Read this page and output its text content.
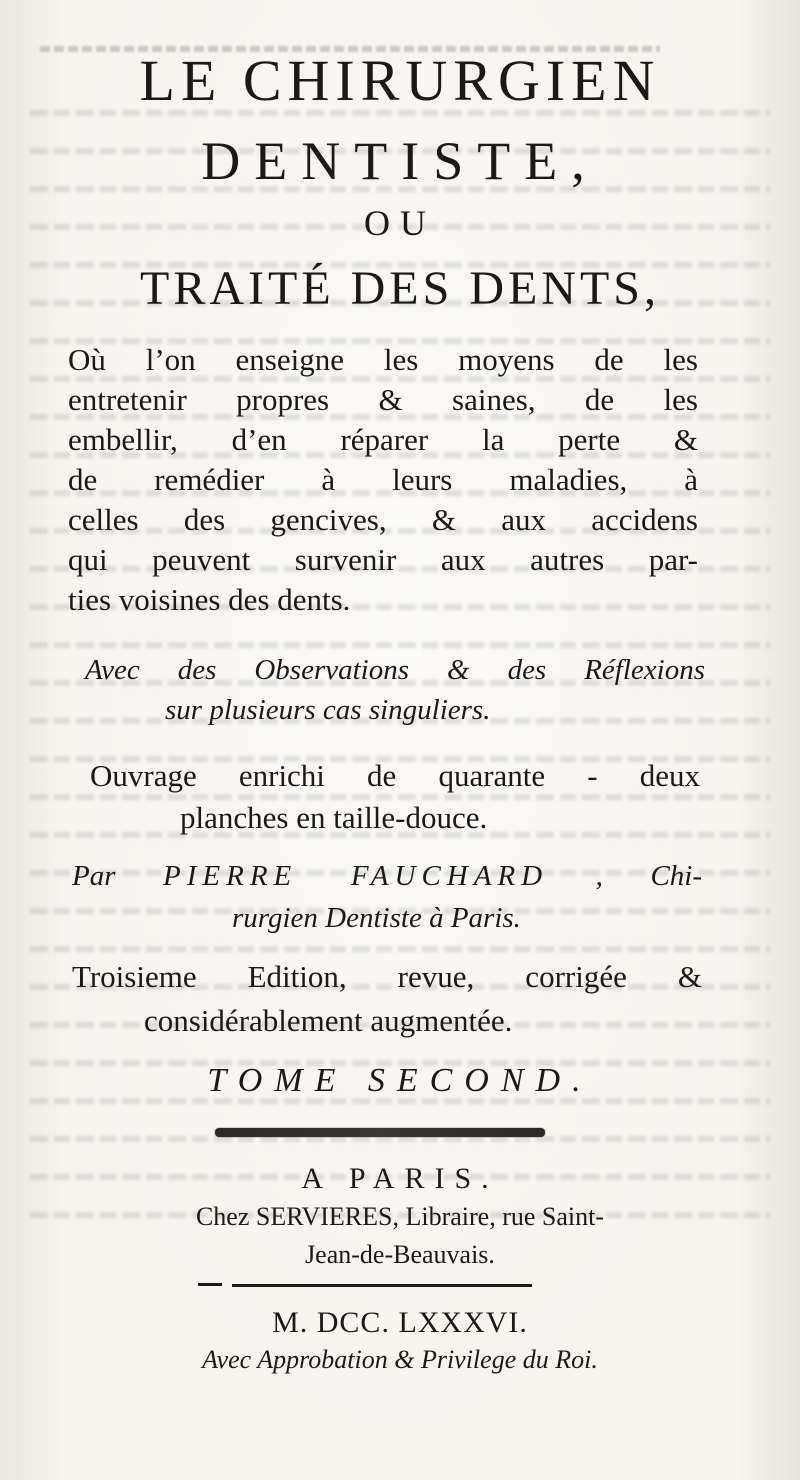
LE CHIRURGIEN
DENTISTE,
OU
TRAITÉ DES DENTS,
Où l’on enseigne les moyens de les
entretenir propres & saines, de les
embellir, d’en réparer la perte &
de remédier à leurs maladies, à
celles des gencives, & aux accidens
qui peuvent survenir aux autres par-
ties voisines des dents.
Avec des Observations & des Réflexions
sur plusieurs cas singuliers.
Ouvrage enrichi de quarante - deux
planches en taille-douce.
Par PIERRE FAUCHARD , Chi-
rurgien Dentiste à Paris.
Troisieme Edition, revue, corrigée &
considérablement augmentée.
TOME SECOND.
A PARIS.
Chez SERVIERES, Libraire, rue Saint-
Jean-de-Beauvais.
M. DCC. LXXXVI.
Avec Approbation & Privilege du Roi.
